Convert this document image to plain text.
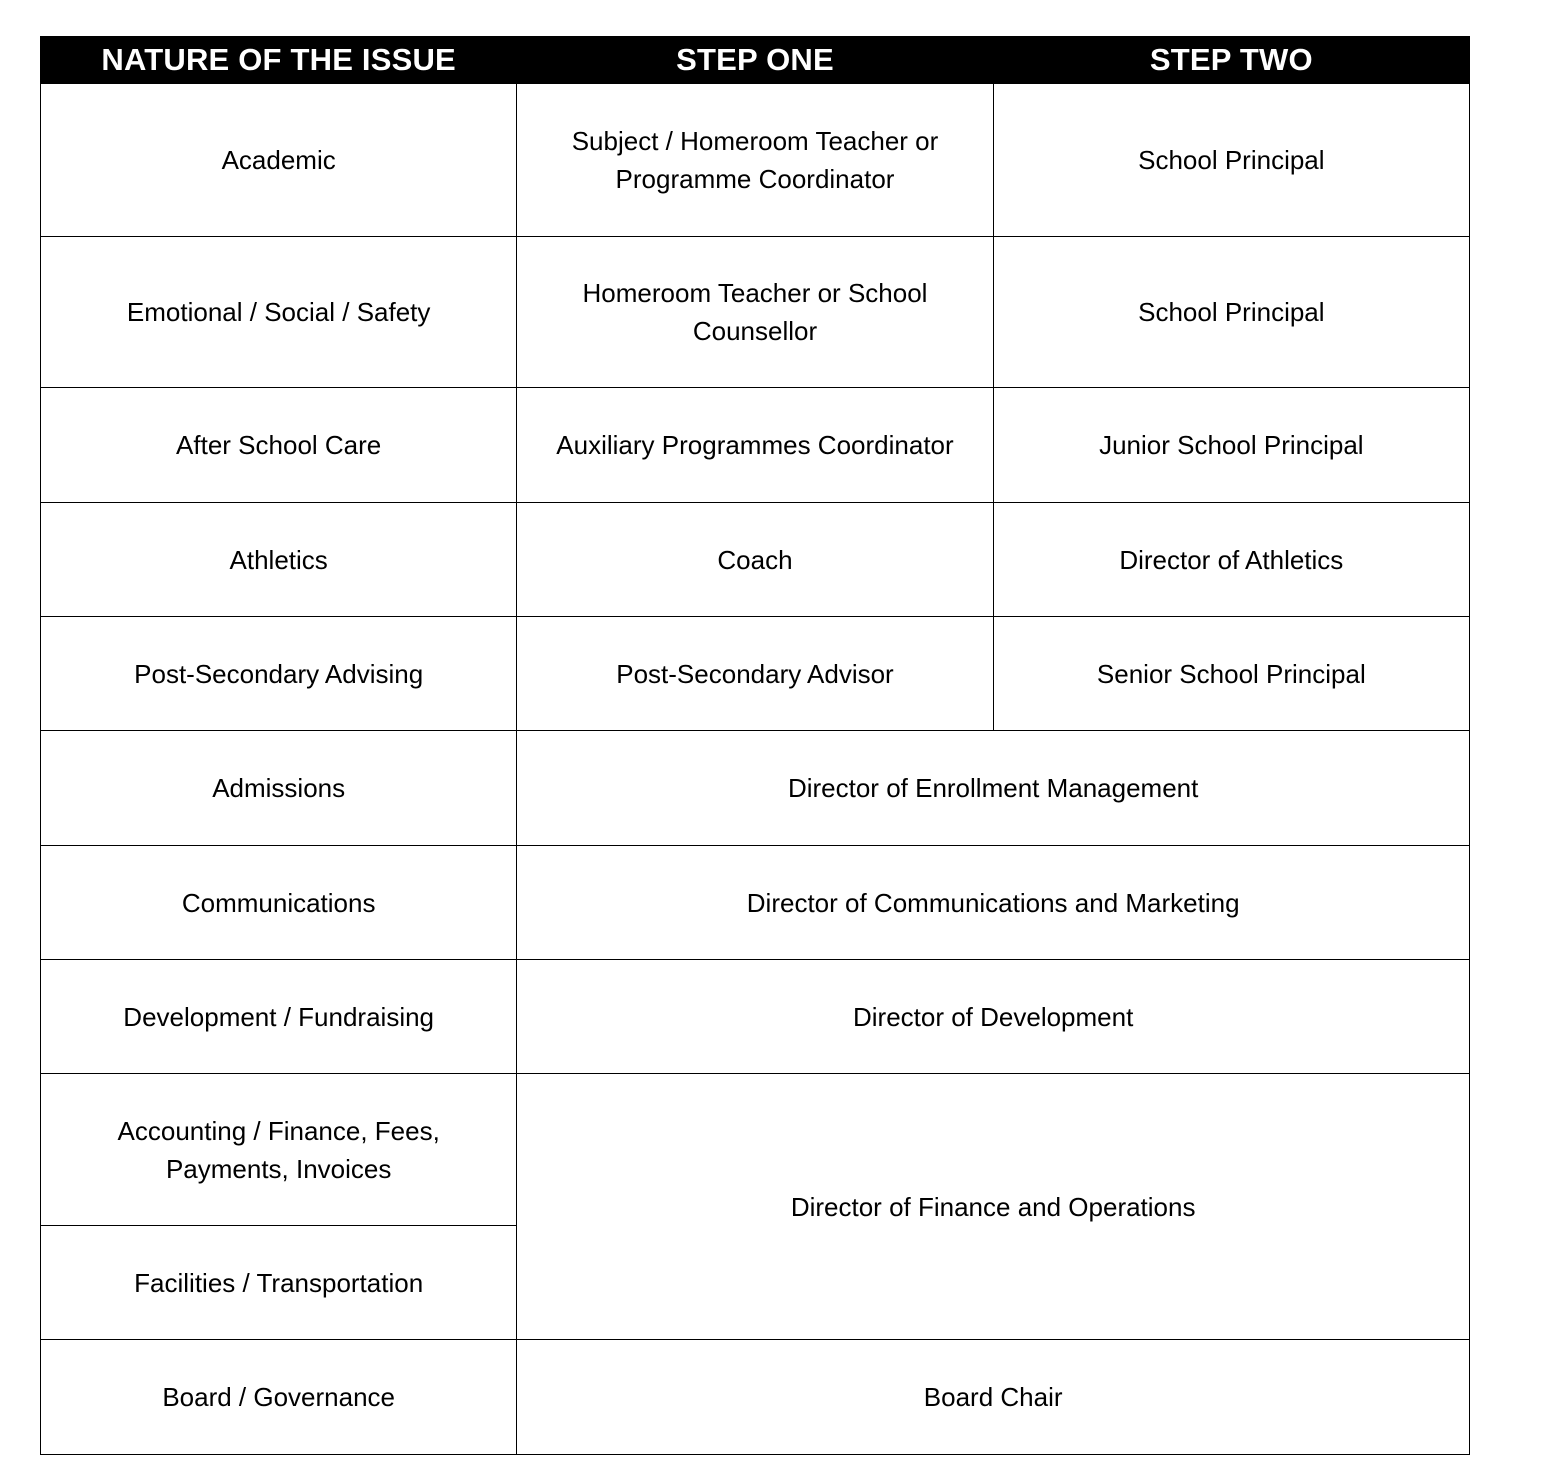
NATURE OF THE ISSUE	STEP ONE	STEP TWO
Academic	Subject / Homeroom Teacher or Programme Coordinator	School Principal
Emotional / Social / Safety	Homeroom Teacher or School Counsellor	School Principal
After School Care	Auxiliary Programmes Coordinator	Junior School Principal
Athletics	Coach	Director of Athletics
Post-Secondary Advising	Post-Secondary Advisor	Senior School Principal
Admissions	Director of Enrollment Management	
Communications	Director of Communications and Marketing	
Development / Fundraising	Director of Development	
Accounting / Finance, Fees, Payments, Invoices	Director of Finance and Operations	
Facilities / Transportation		
Board / Governance	Board Chair	
